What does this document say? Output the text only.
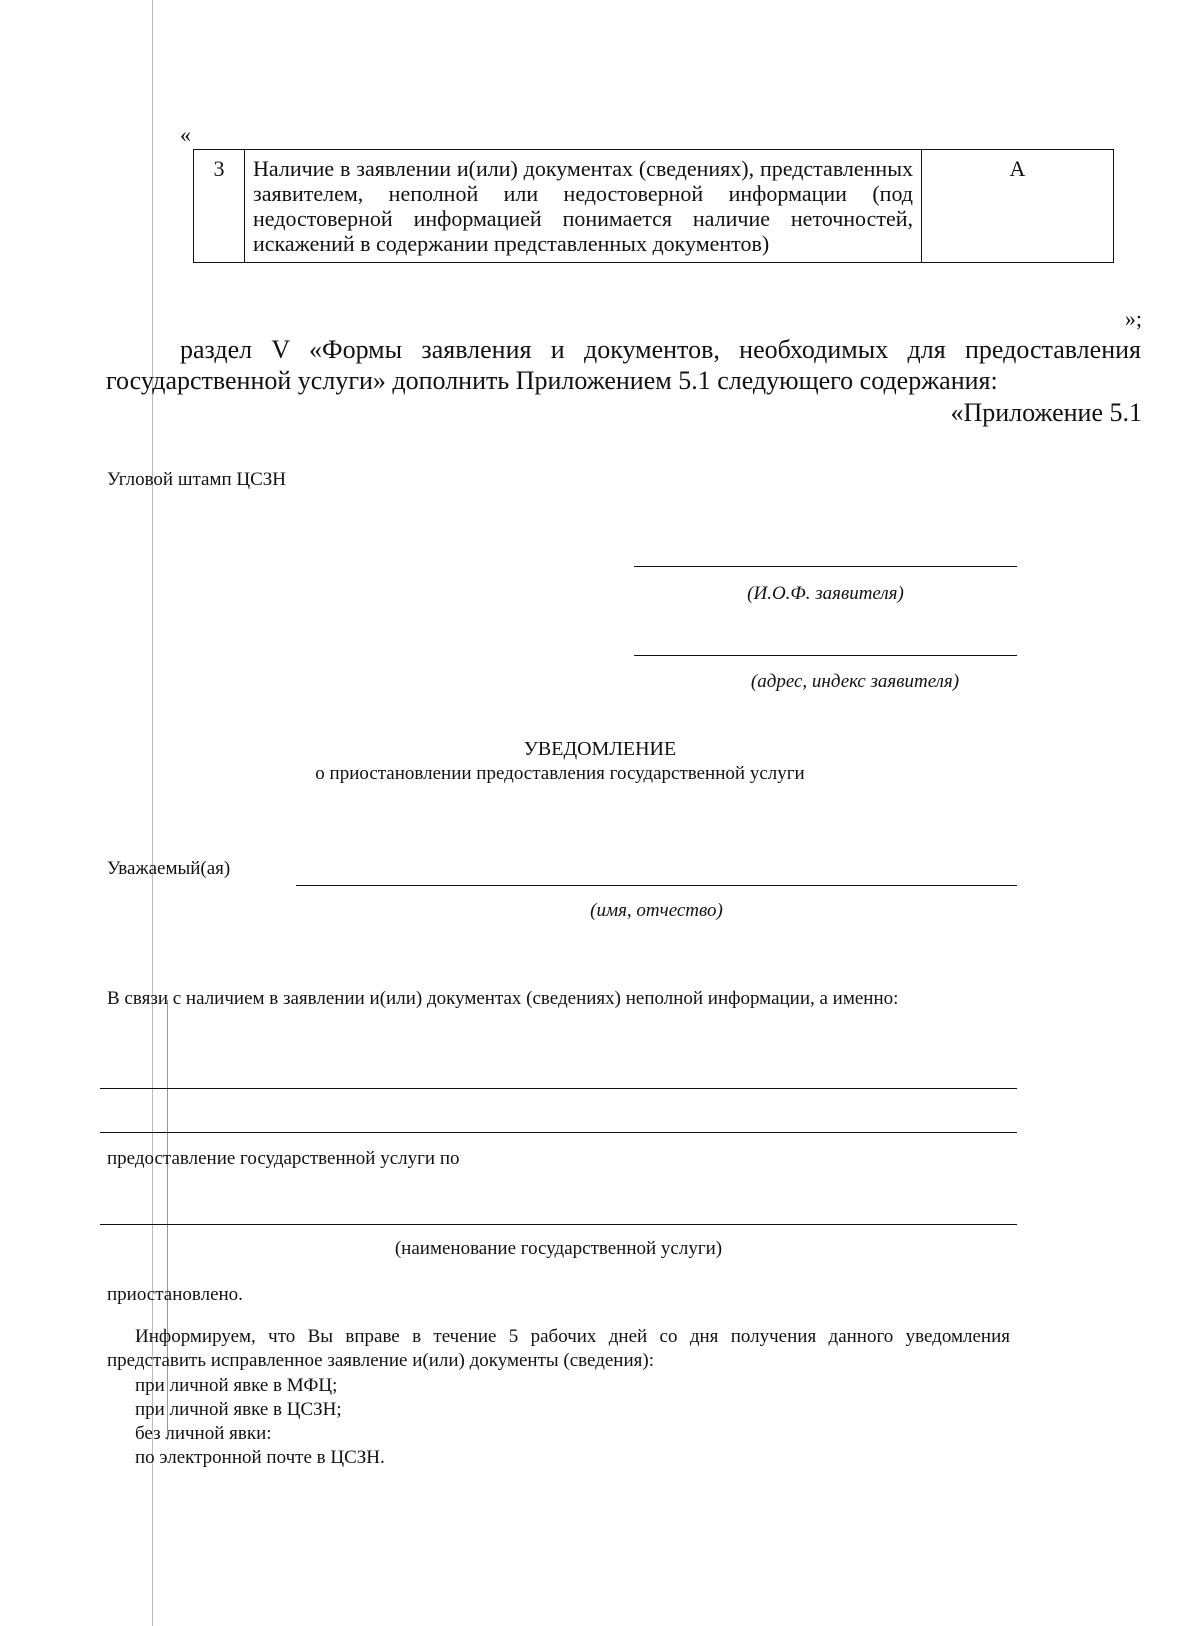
«
3	Наличие в заявлении и(или) документах (сведениях), представленных заявителем, неполной или недостоверной информации (под недостоверной информацией понимается наличие неточностей, искажений в содержании представленных документов)	А
»;
раздел V «Формы заявления и документов, необходимых для предоставления государственной услуги» дополнить Приложением 5.1 следующего содержания:
«Приложение 5.1
Угловой штамп ЦСЗН
(И.О.Ф. заявителя)
(адрес, индекс заявителя)
УВЕДОМЛЕНИЕ
о приостановлении предоставления государственной услуги
Уважаемый(ая)
(имя, отчество)
В связи с наличием в заявлении и(или) документах (сведениях) неполной информации, а именно:
предоставление государственной услуги по
(наименование государственной услуги)
приостановлено.
Информируем, что Вы вправе в течение 5 рабочих дней со дня получения данного уведомления представить исправленное заявление и(или) документы (сведения):
при личной явке в МФЦ;
при личной явке в ЦСЗН;
без личной явки:
по электронной почте в ЦСЗН.
